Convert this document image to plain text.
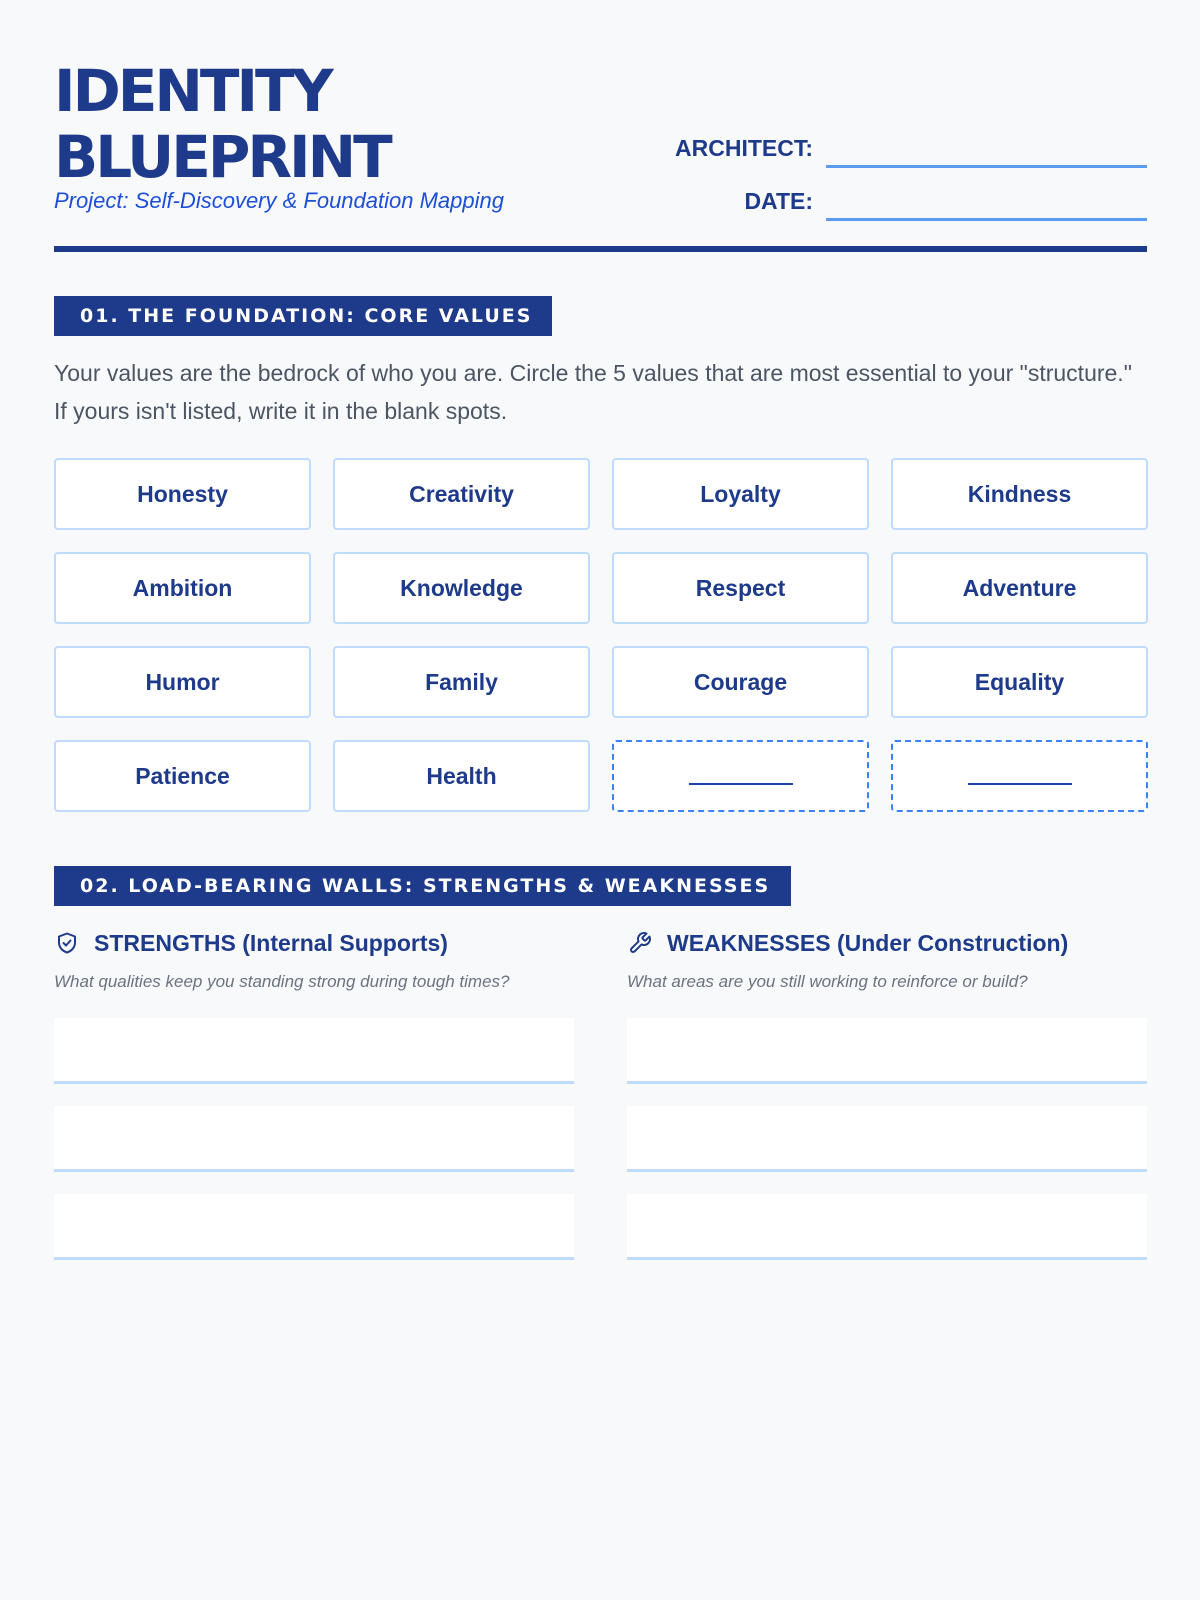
IDENTITY
BLUEPRINT
Project: Self-Discovery & Foundation Mapping
ARCHITECT:
DATE:
01. THE FOUNDATION: CORE VALUES

Your values are the bedrock of who you are. Circle the 5 values that are most essential to your "structure." If yours isn't listed, write it in the blank spots.

Honesty	Creativity	Loyalty	Kindness
Ambition	Knowledge	Respect	Adventure
Humor	Family	Courage	Equality
Patience	Health
02. LOAD-BEARING WALLS: STRENGTHS & WEAKNESSES
STRENGTHS (Internal Supports)
What qualities keep you standing strong during tough times?
WEAKNESSES (Under Construction)
What areas are you still working to reinforce or build?
